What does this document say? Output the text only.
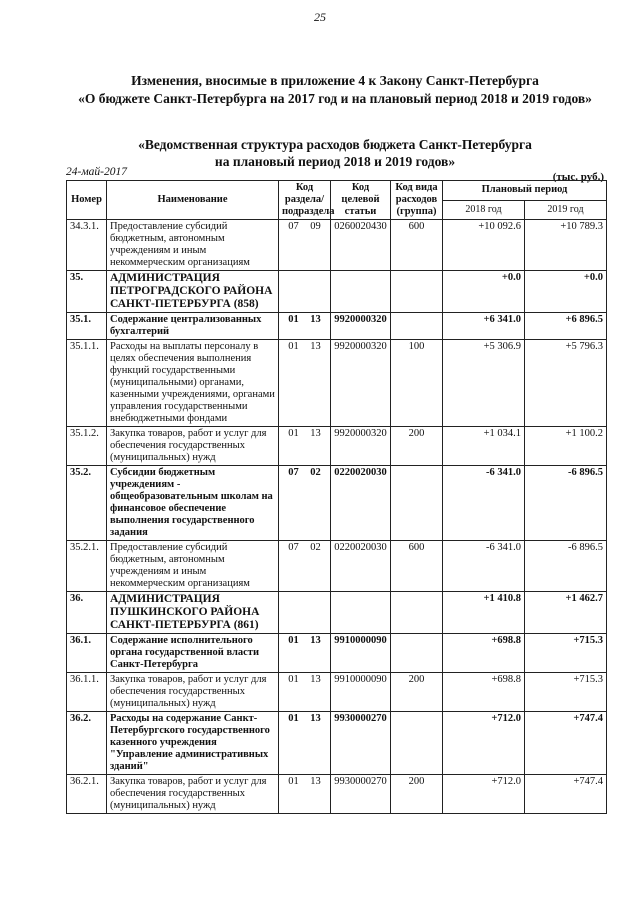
25
Изменения, вносимые в приложение 4 к Закону Санкт-Петербурга
«О бюджете Санкт-Петербурга на 2017 год и на плановый период 2018 и 2019 годов»
«Ведомственная структура расходов бюджета Санкт-Петербурга
на плановый период 2018 и 2019 годов»
24-май-2017	(тыс. руб.)
Номер	Наименование	Код раздела/ подраздела	Код целевой статьи	Код вида расходов (группа)	Плановый период	
					2018 год	2019 год
34.3.1.	Предоставление субсидий бюджетным, автономным учреждениям и иным некоммерческим организациям	07 09	0260020430	600	+10 092.6	+10 789.3
35.	АДМИНИСТРАЦИЯ ПЕТРОГРАДСКОГО РАЙОНА САНКТ-ПЕТЕРБУРГА (858)				+0.0	+0.0
35.1.	Содержание централизованных бухгалтерий	01 13	9920000320		+6 341.0	+6 896.5
35.1.1.	Расходы на выплаты персоналу в целях обеспечения выполнения функций государственными (муниципальными) органами, казенными учреждениями, органами управления государственными внебюджетными фондами	01 13	9920000320	100	+5 306.9	+5 796.3
35.1.2.	Закупка товаров, работ и услуг для обеспечения государственных (муниципальных) нужд	01 13	9920000320	200	+1 034.1	+1 100.2
35.2.	Субсидии бюджетным учреждениям - общеобразовательным школам на финансовое обеспечение выполнения государственного задания	07 02	0220020030		-6 341.0	-6 896.5
35.2.1.	Предоставление субсидий бюджетным, автономным учреждениям и иным некоммерческим организациям	07 02	0220020030	600	-6 341.0	-6 896.5
36.	АДМИНИСТРАЦИЯ ПУШКИНСКОГО РАЙОНА САНКТ-ПЕТЕРБУРГА (861)				+1 410.8	+1 462.7
36.1.	Содержание исполнительного органа государственной власти Санкт-Петербурга	01 13	9910000090		+698.8	+715.3
36.1.1.	Закупка товаров, работ и услуг для обеспечения государственных (муниципальных) нужд	01 13	9910000090	200	+698.8	+715.3
36.2.	Расходы на содержание Санкт-Петербургского государственного казенного учреждения "Управление административных зданий"	01 13	9930000270		+712.0	+747.4
36.2.1.	Закупка товаров, работ и услуг для обеспечения государственных (муниципальных) нужд	01 13	9930000270	200	+712.0	+747.4
